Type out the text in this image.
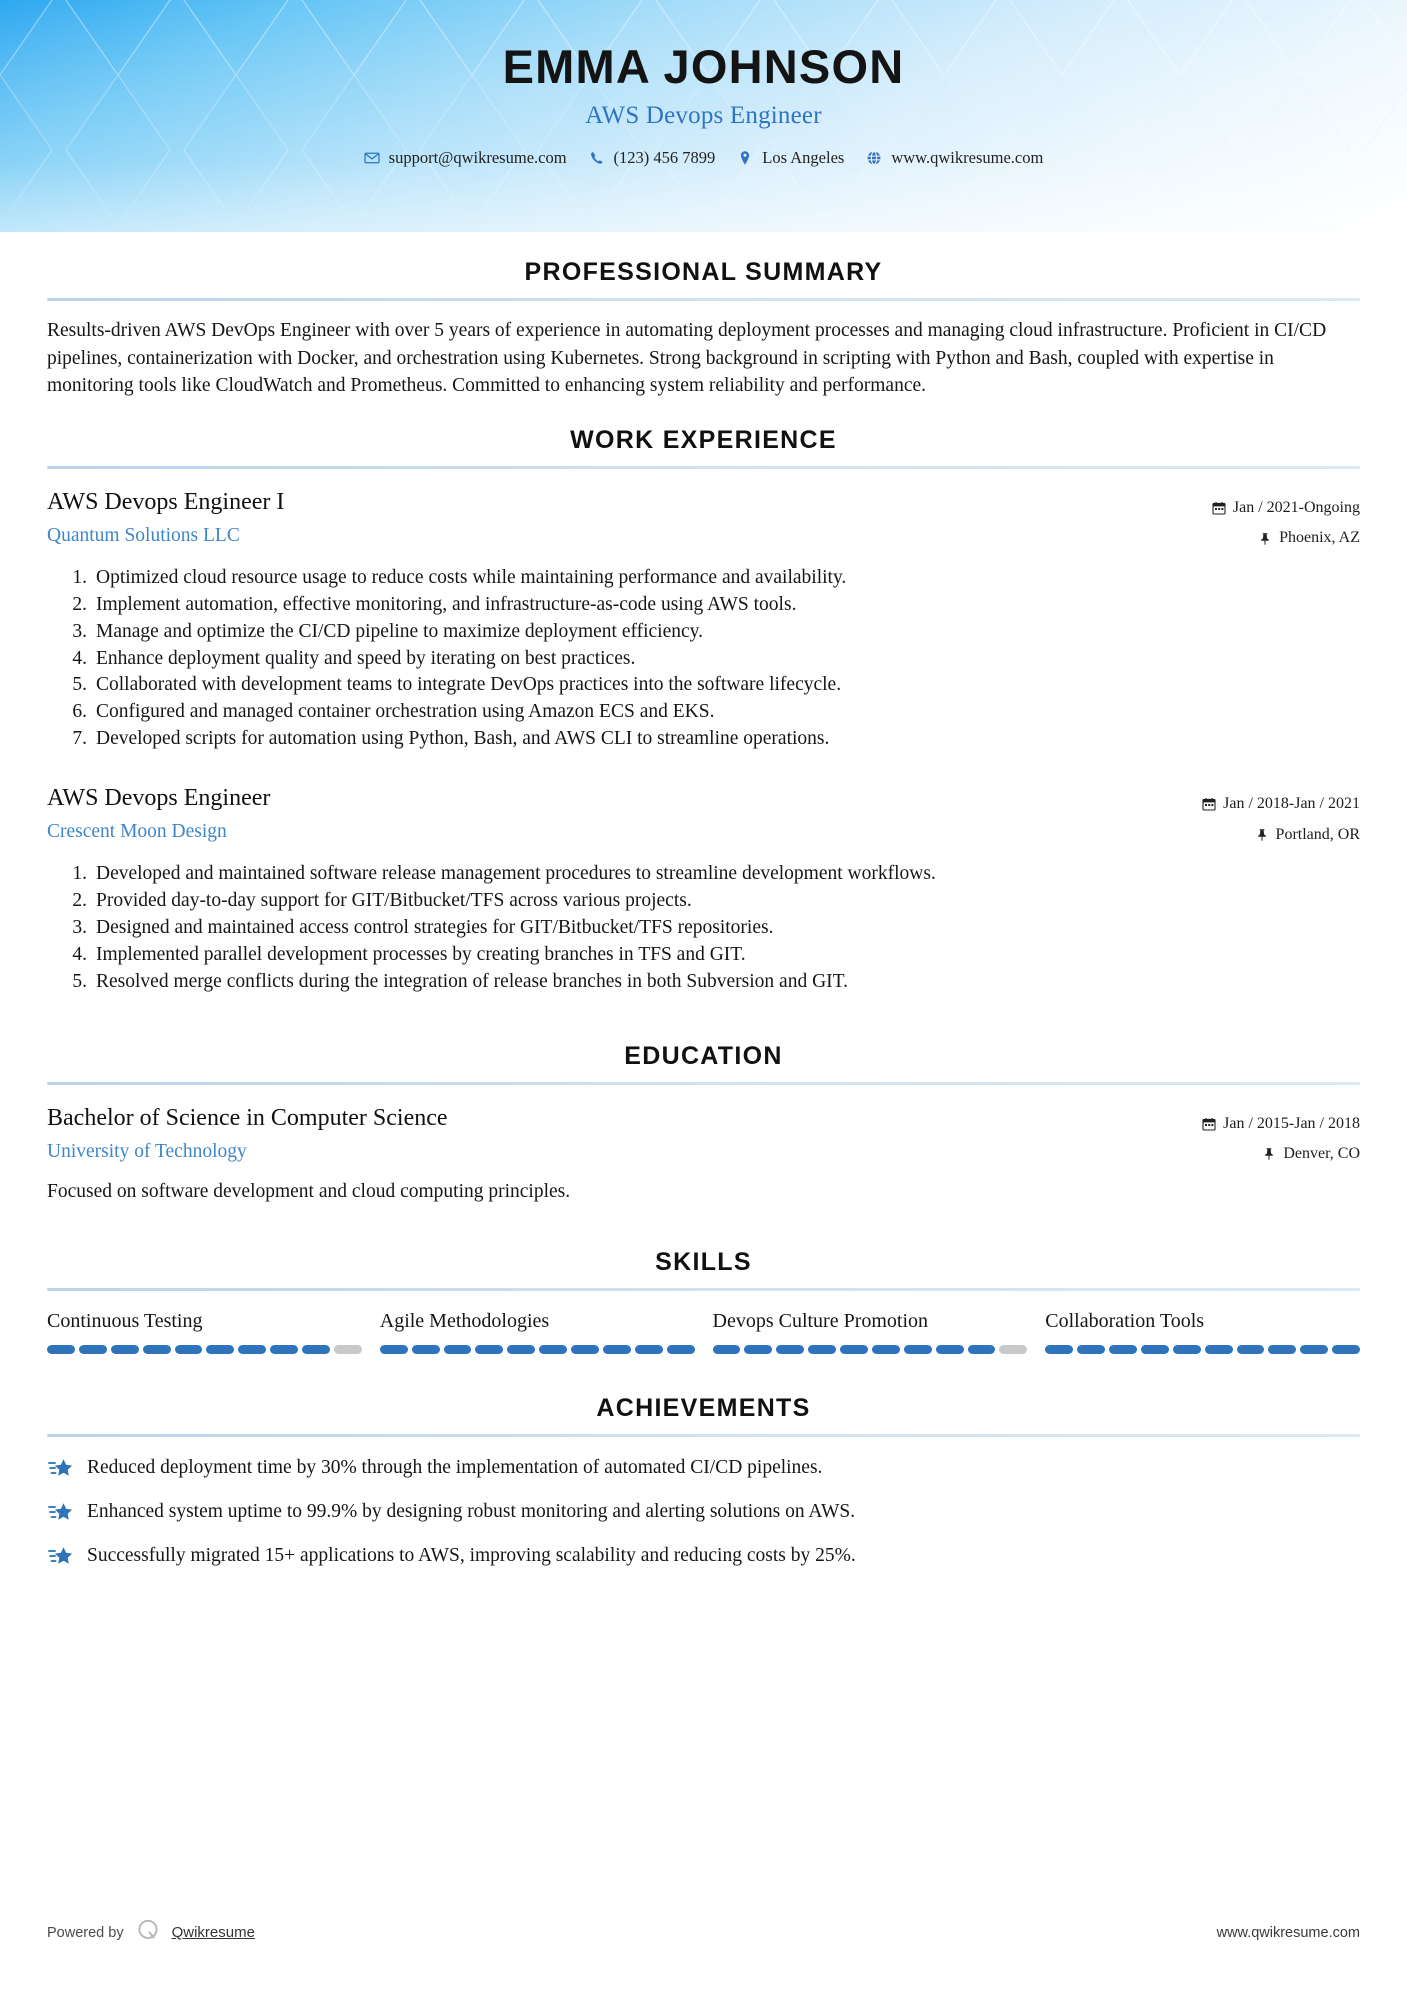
EMMA JOHNSON
AWS Devops Engineer
support@qwikresume.com	(123) 456 7899	Los Angeles	www.qwikresume.com
PROFESSIONAL SUMMARY

Results-driven AWS DevOps Engineer with over 5 years of experience in automating deployment processes and managing cloud infrastructure. Proficient in CI/CD pipelines, containerization with Docker, and orchestration using Kubernetes. Strong background in scripting with Python and Bash, coupled with expertise in monitoring tools like CloudWatch and Prometheus. Committed to enhancing system reliability and performance.

WORK EXPERIENCE
AWS Devops Engineer I
Quantum Solutions LLC
Jan / 2021-Ongoing
Phoenix, AZ
1. Optimized cloud resource usage to reduce costs while maintaining performance and availability.
2. Implement automation, effective monitoring, and infrastructure-as-code using AWS tools.
3. Manage and optimize the CI/CD pipeline to maximize deployment efficiency.
4. Enhance deployment quality and speed by iterating on best practices.
5. Collaborated with development teams to integrate DevOps practices into the software lifecycle.
6. Configured and managed container orchestration using Amazon ECS and EKS.
7. Developed scripts for automation using Python, Bash, and AWS CLI to streamline operations.
AWS Devops Engineer
Crescent Moon Design
Jan / 2018-Jan / 2021
Portland, OR
1. Developed and maintained software release management procedures to streamline development workflows.
2. Provided day-to-day support for GIT/Bitbucket/TFS across various projects.
3. Designed and maintained access control strategies for GIT/Bitbucket/TFS repositories.
4. Implemented parallel development processes by creating branches in TFS and GIT.
5. Resolved merge conflicts during the integration of release branches in both Subversion and GIT.
EDUCATION
Bachelor of Science in Computer Science
University of Technology
Jan / 2015-Jan / 2018
Denver, CO
Focused on software development and cloud computing principles.
SKILLS
Continuous Testing	Agile Methodologies	Devops Culture Promotion	Collaboration Tools
ACHIEVEMENTS
Reduced deployment time by 30% through the implementation of automated CI/CD pipelines.
Enhanced system uptime to 99.9% by designing robust monitoring and alerting solutions on AWS.
Successfully migrated 15+ applications to AWS, improving scalability and reducing costs by 25%.
Powered by	Qwikresume	www.qwikresume.com
